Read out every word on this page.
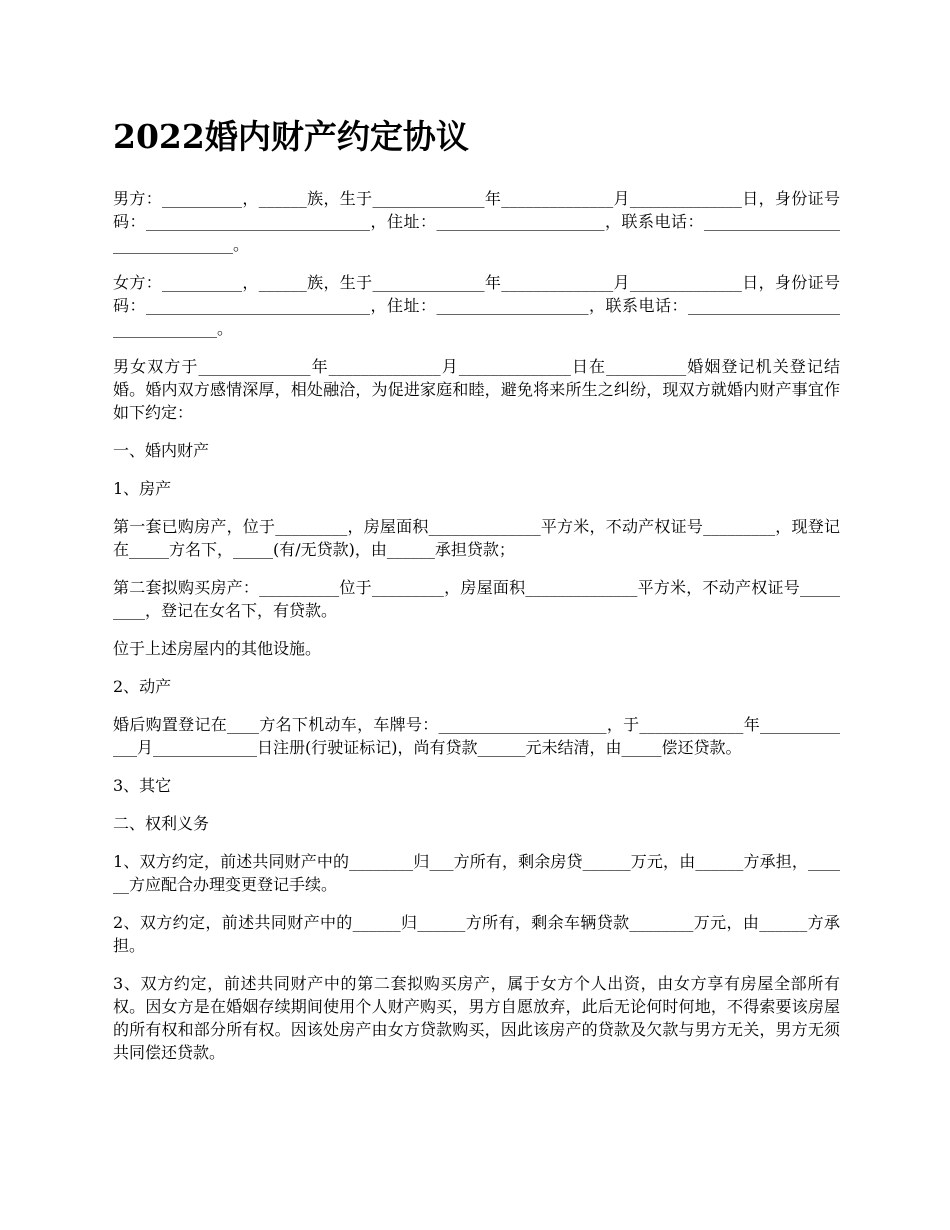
2022婚内财产约定协议

男方：__________，______族，生于______________年______________月______________日，身份证号码：____________________________，住址：_____________________，联系电话：________________________________。

女方：__________，______族，生于______________年______________月______________日，身份证号码：____________________________，住址：___________________，联系电话：________________________________。

男女双方于______________年______________月______________日在__________婚姻登记机关登记结婚。婚内双方感情深厚，相处融洽，为促进家庭和睦，避免将来所生之纠纷，现双方就婚内财产事宜作如下约定：

一、婚内财产

1、房产

第一套已购房产，位于_________，房屋面积______________平方米，不动产权证号_________，现登记在_____方名下，_____(有/无贷款)，由______承担贷款；

第二套拟购买房产：__________位于_________，房屋面积______________平方米，不动产权证号_________，登记在女名下，有贷款。

位于上述房屋内的其他设施。

2、动产

婚后购置登记在____方名下机动车，车牌号：_____________________，于_____________年_____________月_____________日注册(行驶证标记)，尚有贷款______元未结清，由_____偿还贷款。

3、其它

二、权利义务

1、双方约定，前述共同财产中的________归___方所有，剩余房贷______万元，由______方承担，______方应配合办理变更登记手续。

2、双方约定，前述共同财产中的______归______方所有，剩余车辆贷款________万元，由______方承担。

3、双方约定，前述共同财产中的第二套拟购买房产，属于女方个人出资，由女方享有房屋全部所有权。因女方是在婚姻存续期间使用个人财产购买，男方自愿放弃，此后无论何时何地，不得索要该房屋的所有权和部分所有权。因该处房产由女方贷款购买，因此该房产的贷款及欠款与男方无关，男方无须共同偿还贷款。
